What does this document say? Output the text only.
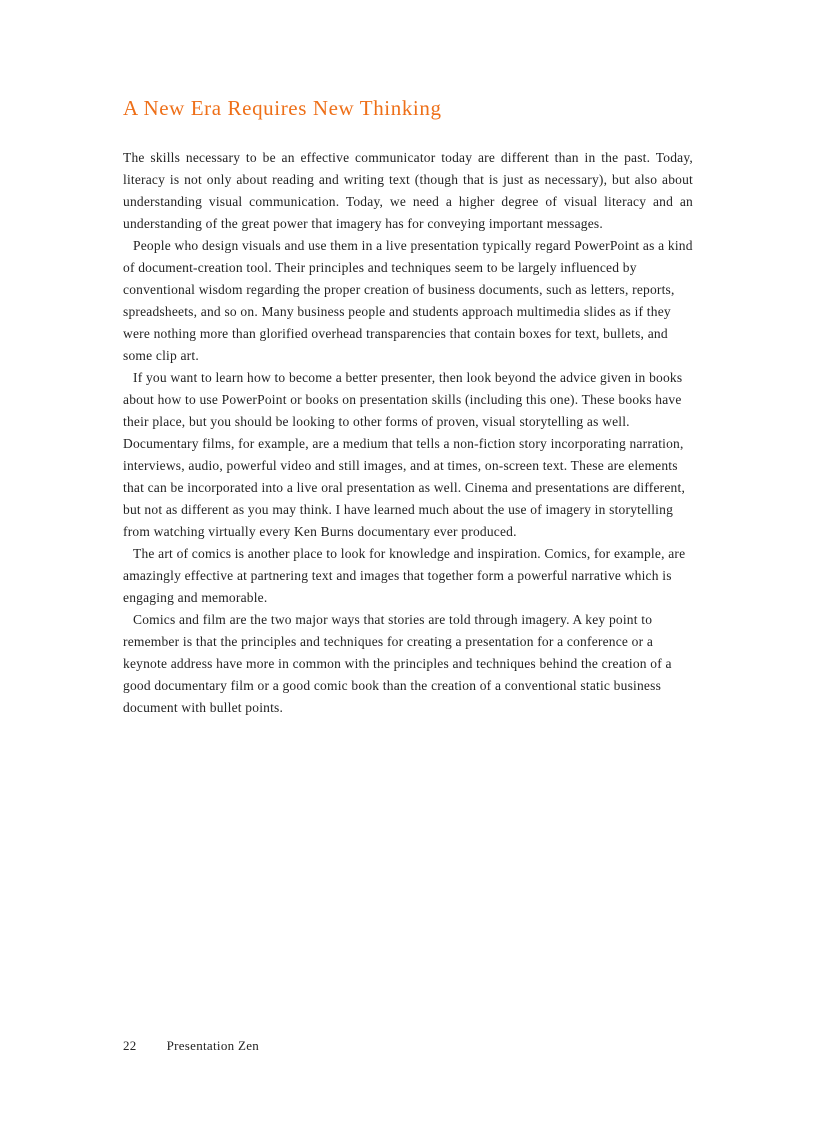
A New Era Requires New Thinking

The skills necessary to be an effective communicator today are different than in the past. Today, literacy is not only about reading and writing text (though that is just as necessary), but also about understanding visual communication. Today, we need a higher degree of visual literacy and an understanding of the great power that imagery has for conveying important messages.

People who design visuals and use them in a live presentation typically regard PowerPoint as a kind of document-creation tool. Their principles and techniques seem to be largely influenced by conventional wisdom regarding the proper creation of business documents, such as letters, reports, spreadsheets, and so on. Many business people and students approach multimedia slides as if they were nothing more than glorified overhead transparencies that contain boxes for text, bullets, and some clip art.

If you want to learn how to become a better presenter, then look beyond the advice given in books about how to use PowerPoint or books on presentation skills (including this one). These books have their place, but you should be looking to other forms of proven, visual storytelling as well. Documentary films, for example, are a medium that tells a non-fiction story incorporating narration, interviews, audio, powerful video and still images, and at times, on-screen text. These are elements that can be incorporated into a live oral presentation as well. Cinema and presentations are different, but not as different as you may think. I have learned much about the use of imagery in storytelling from watching virtually every Ken Burns documentary ever produced.

The art of comics is another place to look for knowledge and inspiration. Comics, for example, are amazingly effective at partnering text and images that together form a powerful narrative which is engaging and memorable.

Comics and film are the two major ways that stories are told through imagery. A key point to remember is that the principles and techniques for creating a presentation for a conference or a keynote address have more in common with the principles and techniques behind the creation of a good documentary film or a good comic book than the creation of a conventional static business document with bullet points.

22 Presentation Zen
